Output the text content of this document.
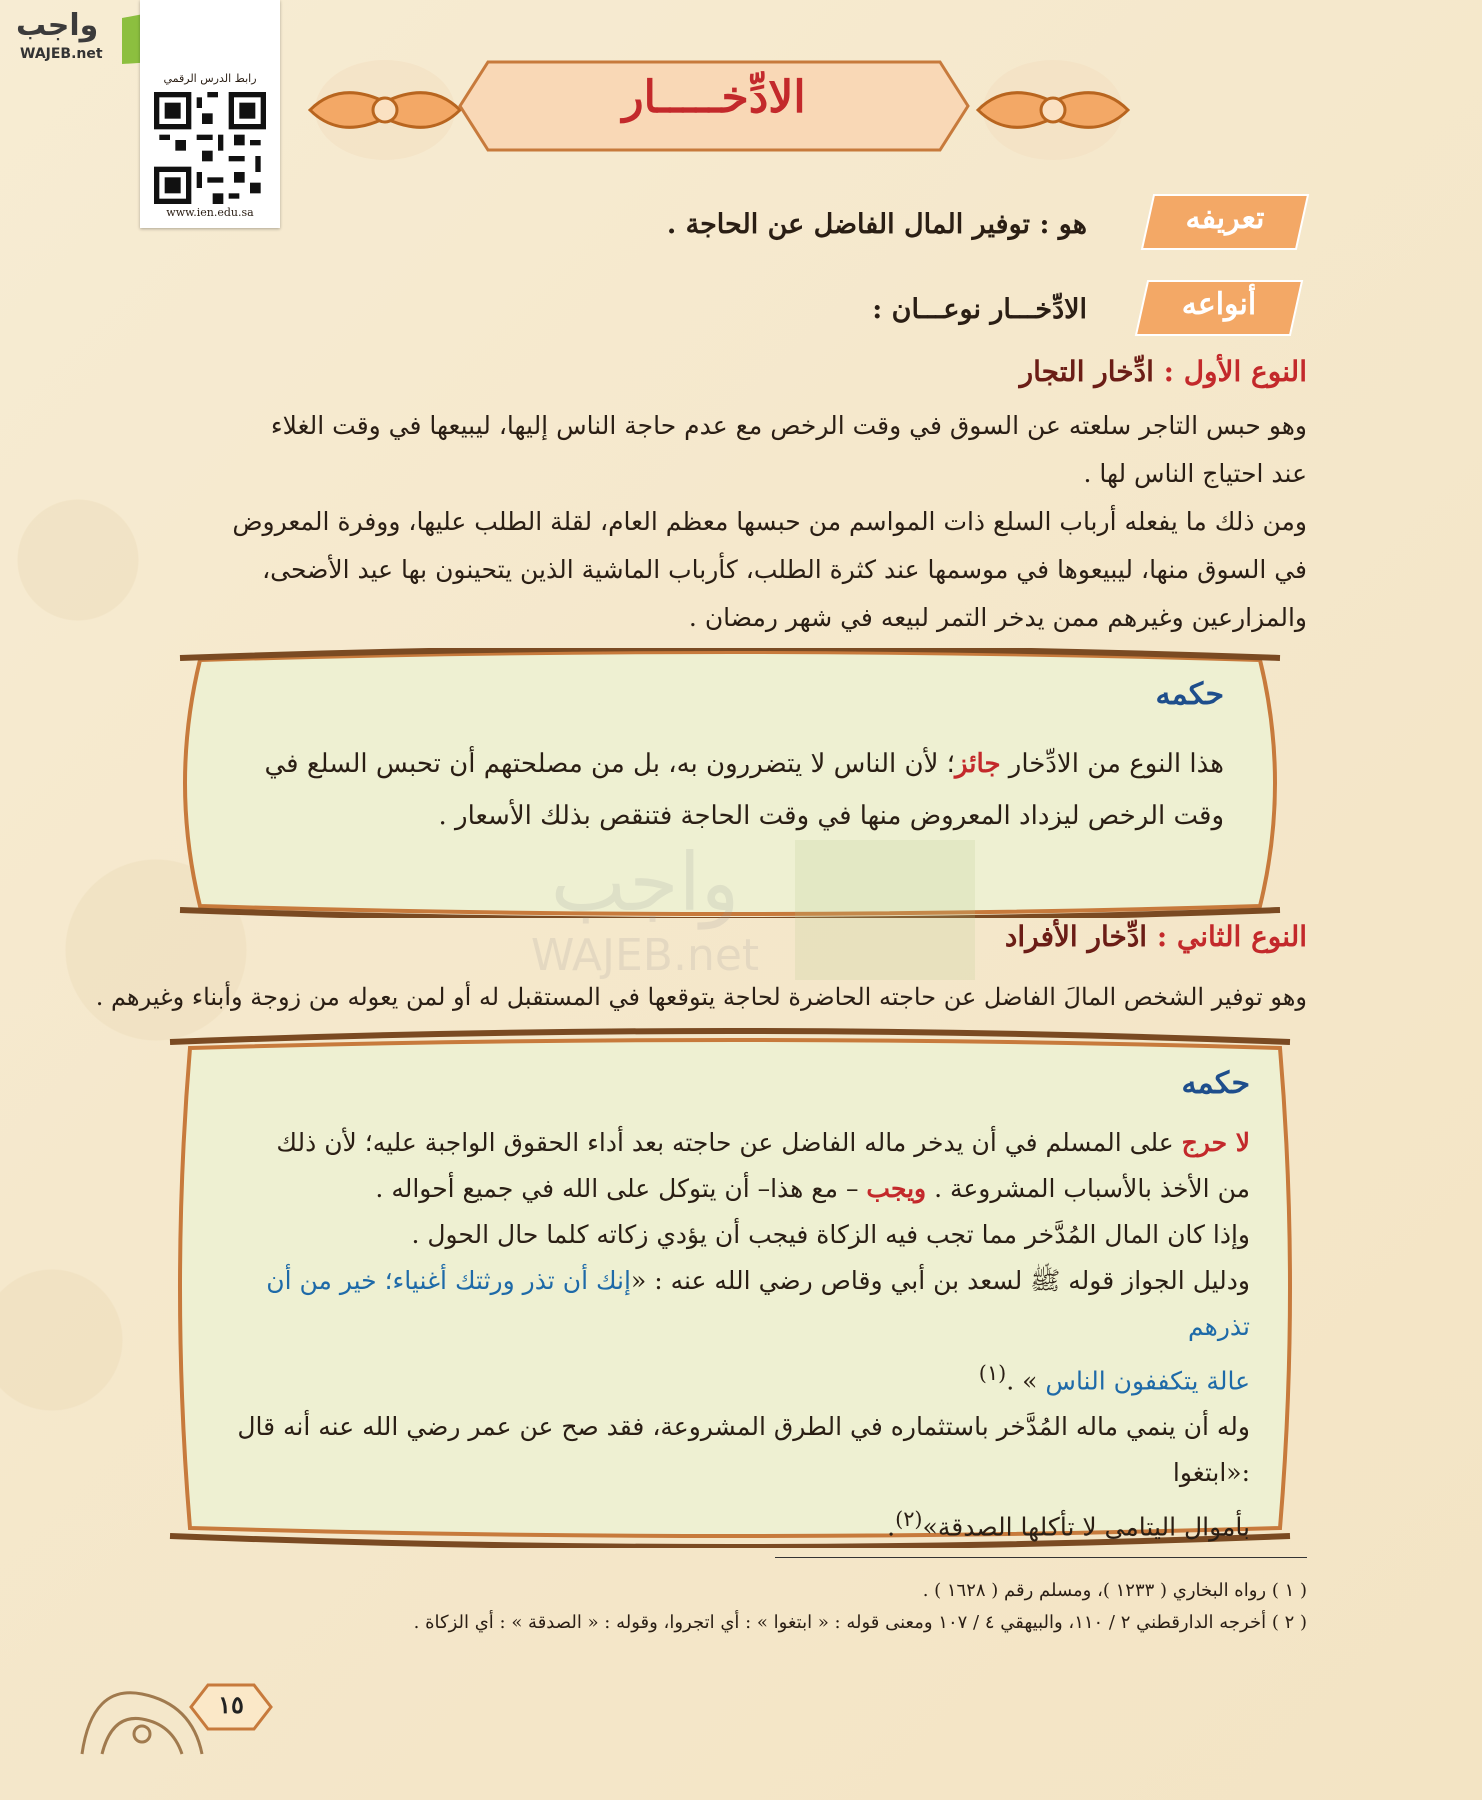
واجب
WAJEB.net
رابط الدرس الرقمي
www.ien.edu.sa
الادِّخـــــار
تعريفه
هو : توفير المال الفاضل عن الحاجة .
أنواعه
الادِّخـــار نوعـــان :
النوع الأول : ادِّخار التجار
وهو حبس التاجر سلعته عن السوق في وقت الرخص مع عدم حاجة الناس إليها، ليبيعها في وقت الغلاء
عند احتياج الناس لها .
ومن ذلك ما يفعله أرباب السلع ذات المواسم من حبسها معظم العام، لقلة الطلب عليها، ووفرة المعروض
في السوق منها، ليبيعوها في موسمها عند كثرة الطلب، كأرباب الماشية الذين يتحينون بها عيد الأضحى،
والمزارعين وغيرهم ممن يدخر التمر لبيعه في شهر رمضان .
حكمه
هذا النوع من الادِّخار جائز؛ لأن الناس لا يتضررون به، بل من مصلحتهم أن تحبس السلع في
وقت الرخص ليزداد المعروض منها في وقت الحاجة فتنقص بذلك الأسعار .
واجب
WAJEB.net	النوع الثاني : ادِّخار الأفراد
وهو توفير الشخص المالَ الفاضل عن حاجته الحاضرة لحاجة يتوقعها في المستقبل له أو لمن يعوله من زوجة وأبناء وغيرهم .
حكمه
لا حرج على المسلم في أن يدخر ماله الفاضل عن حاجته بعد أداء الحقوق الواجبة عليه؛ لأن ذلك
من الأخذ بالأسباب المشروعة . ويجب – مع هذا– أن يتوكل على الله في جميع أحواله .
وإذا كان المال المُدَّخر مما تجب فيه الزكاة فيجب أن يؤدي زكاته كلما حال الحول .
ودليل الجواز قوله ﷺ لسعد بن أبي وقاص رضي الله عنه : «إنك أن تذر ورثتك أغنياء؛ خير من أن تذرهم
عالة يتكففون الناس » .$^{(١)}$
وله أن ينمي ماله المُدَّخر باستثماره في الطرق المشروعة، فقد صح عن عمر رضي الله عنه أنه قال :«ابتغوا
بأموال اليتامى لا تأكلها الصدقة»$^{(٢)}$.
( ١ ) رواه البخاري ( ١٢٣٣ )، ومسلم رقم ( ١٦٢٨ ) .
( ٢ ) أخرجه الدارقطني ٢ / ١١٠، والبيهقي ٤ / ١٠٧ ومعنى قوله : « ابتغوا » : أي اتجروا، وقوله : « الصدقة » : أي الزكاة .
١٥
